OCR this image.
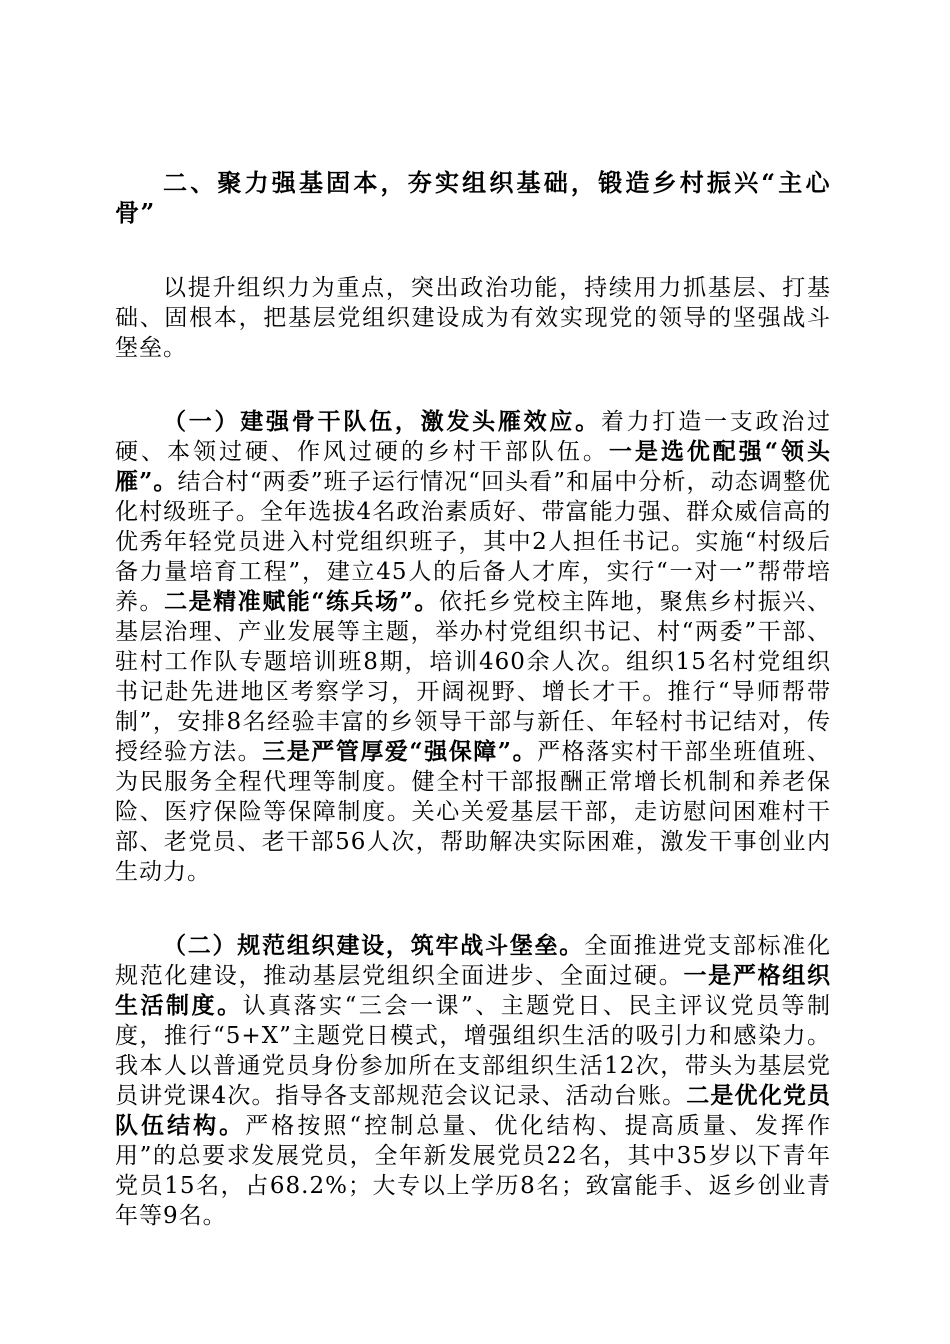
二、聚力强基固本，夯实组织基础，锻造乡村振兴“主心骨”

以提升组织力为重点，突出政治功能，持续用力抓基层、打基础、固根本，把基层党组织建设成为有效实现党的领导的坚强战斗堡垒。

（一）建强骨干队伍，激发头雁效应。着力打造一支政治过硬、本领过硬、作风过硬的乡村干部队伍。一是选优配强“领头雁”。结合村“两委”班子运行情况“回头看”和届中分析，动态调整优化村级班子。全年选拔4名政治素质好、带富能力强、群众威信高的优秀年轻党员进入村党组织班子，其中2人担任书记。实施“村级后备力量培育工程”，建立45人的后备人才库，实行“一对一”帮带培养。二是精准赋能“练兵场”。依托乡党校主阵地，聚焦乡村振兴、基层治理、产业发展等主题，举办村党组织书记、村“两委”干部、驻村工作队专题培训班8期，培训460余人次。组织15名村党组织书记赴先进地区考察学习，开阔视野、增长才干。推行“导师帮带制”，安排8名经验丰富的乡领导干部与新任、年轻村书记结对，传授经验方法。三是严管厚爱“强保障”。严格落实村干部坐班值班、为民服务全程代理等制度。健全村干部报酬正常增长机制和养老保险、医疗保险等保障制度。关心关爱基层干部，走访慰问困难村干部、老党员、老干部56人次，帮助解决实际困难，激发干事创业内生动力。

（二）规范组织建设，筑牢战斗堡垒。全面推进党支部标准化规范化建设，推动基层党组织全面进步、全面过硬。一是严格组织生活制度。认真落实“三会一课”、主题党日、民主评议党员等制度，推行“5+X”主题党日模式，增强组织生活的吸引力和感染力。我本人以普通党员身份参加所在支部组织生活12次，带头为基层党员讲党课4次。指导各支部规范会议记录、活动台账。二是优化党员队伍结构。严格按照“控制总量、优化结构、提高质量、发挥作用”的总要求发展党员，全年新发展党员22名，其中35岁以下青年党员15名，占68.2%；大专以上学历8名；致富能手、返乡创业青年等9名。
